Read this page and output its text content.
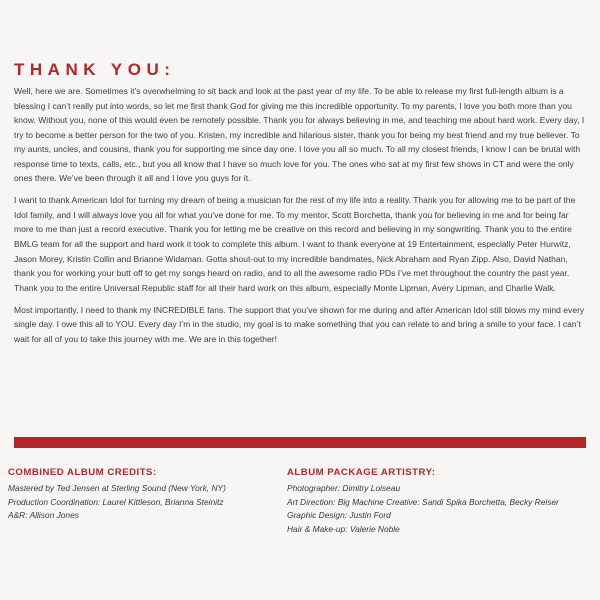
THANK YOU:

Well, here we are. Sometimes it’s overwhelming to sit back and look at the past year of my life. To be able to release my first full-length album is a blessing I can’t really put into words, so let me first thank God for giving me this incredible opportunity. To my parents, I love you both more than you know. Without you, none of this would even be remotely possible. Thank you for always believing in me, and teaching me about hard work. Every day, I try to become a better person for the two of you. Kristen, my incredible and hilarious sister, thank you for being my best friend and my true believer. To my aunts, uncles, and cousins, thank you for supporting me since day one. I love you all so much. To all my closest friends, I know I can be brutal with response time to texts, calls, etc., but you all know that I have so much love for you. The ones who sat at my first few shows in CT and were the only ones there. We’ve been through it all and I love you guys for it.

I want to thank American Idol for turning my dream of being a musician for the rest of my life into a reality. Thank you for allowing me to be part of the Idol family, and I will always love you all for what you’ve done for me. To my mentor, Scott Borchetta, thank you for believing in me and for being far more to me than just a record executive. Thank you for letting me be creative on this record and believing in my songwriting. Thank you to the entire BMLG team for all the support and hard work it took to complete this album. I want to thank everyone at 19 Entertainment, especially Peter Hurwitz, Jason Morey, Kristin Collin and Brianne Widaman. Gotta shout-out to my incredible bandmates, Nick Abraham and Ryan Zipp. Also, David Nathan, thank you for working your butt off to get my songs heard on radio, and to all the awesome radio PDs I’ve met throughout the country the past year. Thank you to the entire Universal Republic staff for all their hard work on this album, especially Monte Lipman, Avery Lipman, and Charlie Walk.

Most importantly, I need to thank my INCREDIBLE fans. The support that you’ve shown for me during and after American Idol still blows my mind every single day. I owe this all to YOU. Every day I’m in the studio, my goal is to make something that you can relate to and bring a smile to your face. I can’t wait for all of you to take this journey with me. We are in this together!

COMBINED ALBUM CREDITS:
Mastered by Ted Jensen at Sterling Sound (New York, NY)
Production Coordination: Laurel Kittleson, Brianna Steinitz
A&R: Allison Jones
ALBUM PACKAGE ARTISTRY:
Photographer: Dimitry Loiseau
Art Direction: Big Machine Creative: Sandi Spika Borchetta, Becky Reiser
Graphic Design: Justin Ford
Hair & Make-up: Valerie Noble
